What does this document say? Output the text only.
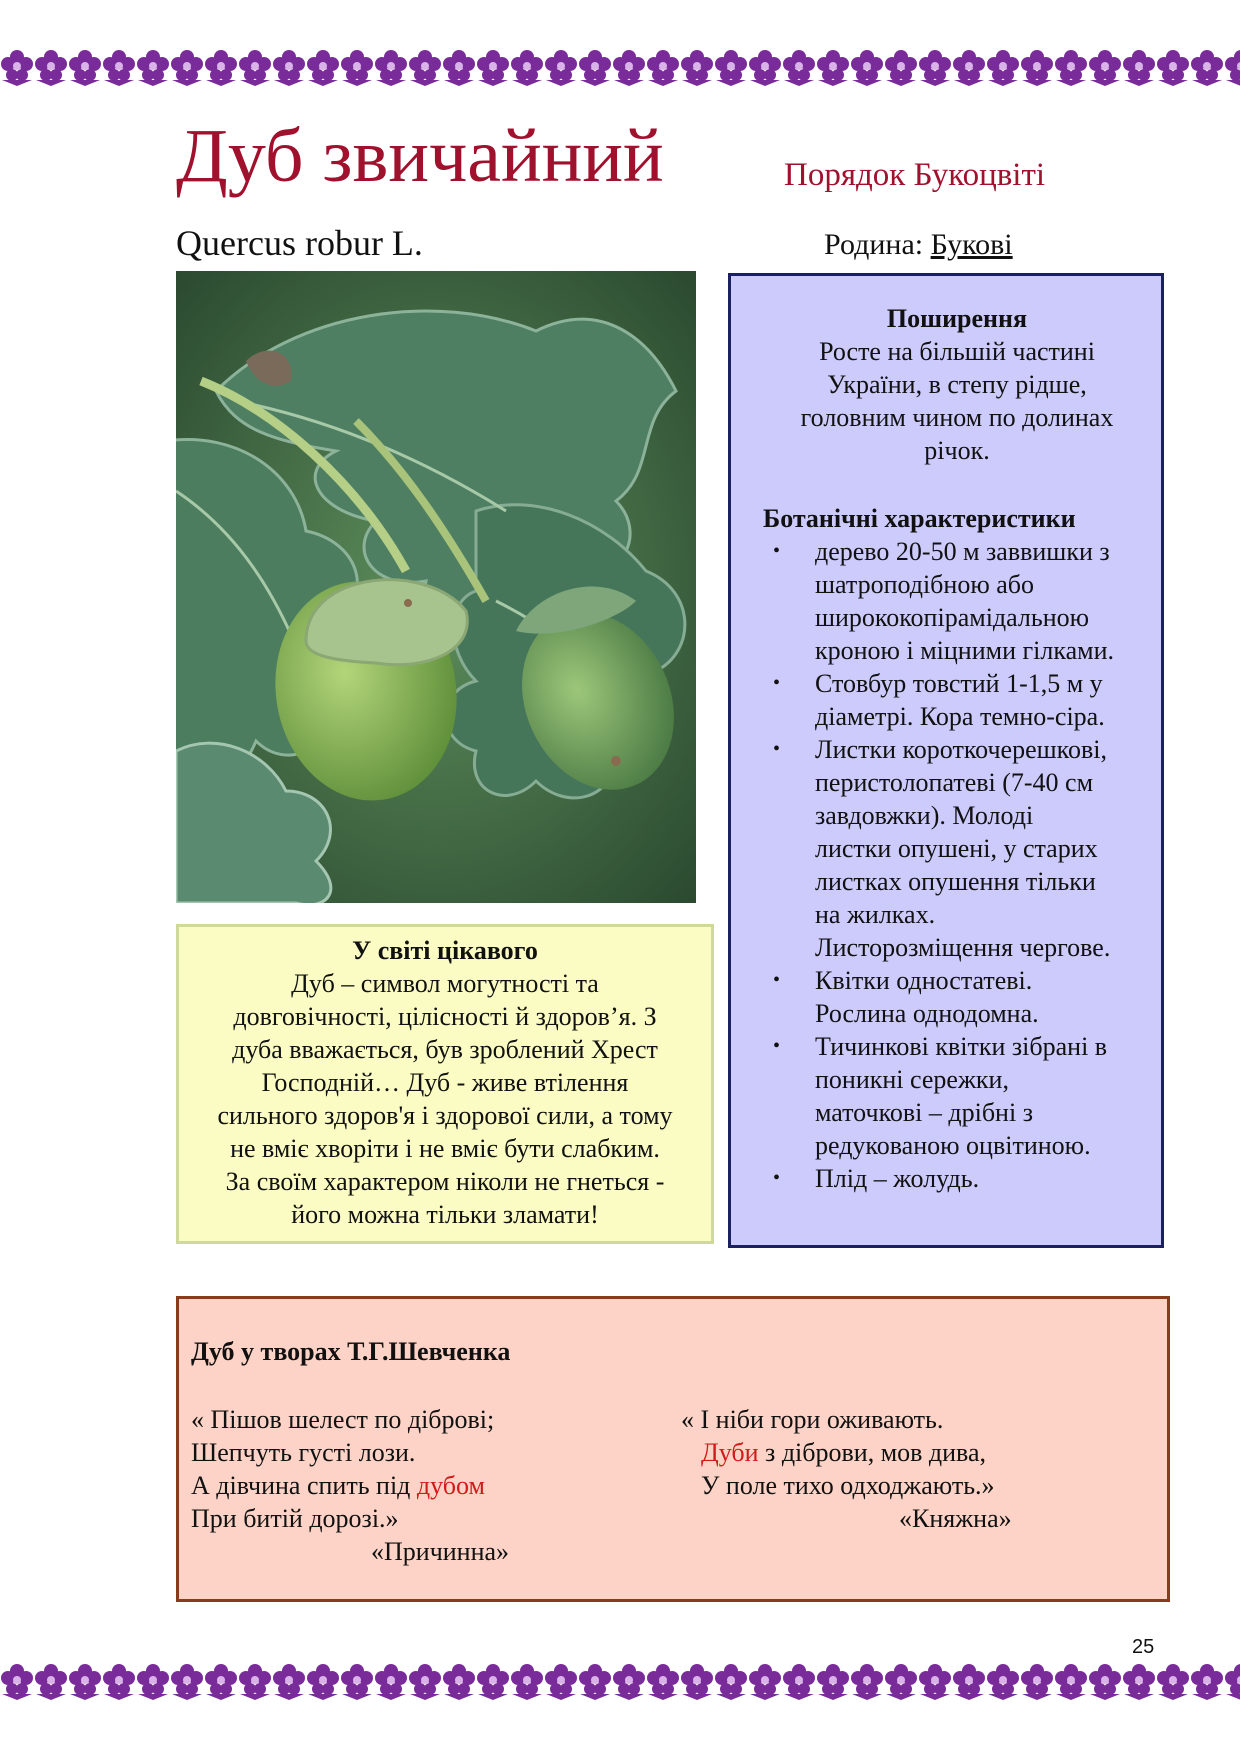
Дуб звичайний	Порядок Букоцвіті
Quercus robur L.	Родина: Букові
У світі цікавого
Дуб – символ могутності та
довговічності, цілісності й здоров’я. З
дуба вважається, був зроблений Хрест
Господній… Дуб - живе втілення
сильного здоров'я і здорової сили, а тому
не вміє хворіти і не вміє бути слабким.
За своїм характером ніколи не гнеться -
його можна тільки зламати!
Поширення
Росте на більшій частині
України, в степу рідше,
головним чином по долинах
річок.
Ботанічні характеристики
• дерево 20-50 м заввишки з
шатроподібною або
ширококопірамідальною
кроною і міцними гілками.
• Стовбур товстий 1-1,5 м у
діаметрі. Кора темно-сіра.
• Листки короткочерешкові,
перистолопатеві (7-40 см
завдовжки). Молоді
листки опушені, у старих
листках опушення тільки
на жилках.
Листорозміщення чергове.
• Квітки одностатеві.
Рослина однодомна.
• Тичинкові квітки зібрані в
поникні сережки,
маточкові – дрібні з
редукованою оцвітиною.
• Плід – жолудь.
Дуб у творах Т.Г.Шевченка
« Пішов шелест по діброві;
Шепчуть густі лози.
А дівчина спить під дубом
При битій дорозі.»
«Причинна»
« І ніби гори оживають.
Дуби з діброви, мов дива,
У поле тихо одходжають.»
«Княжна»
25
